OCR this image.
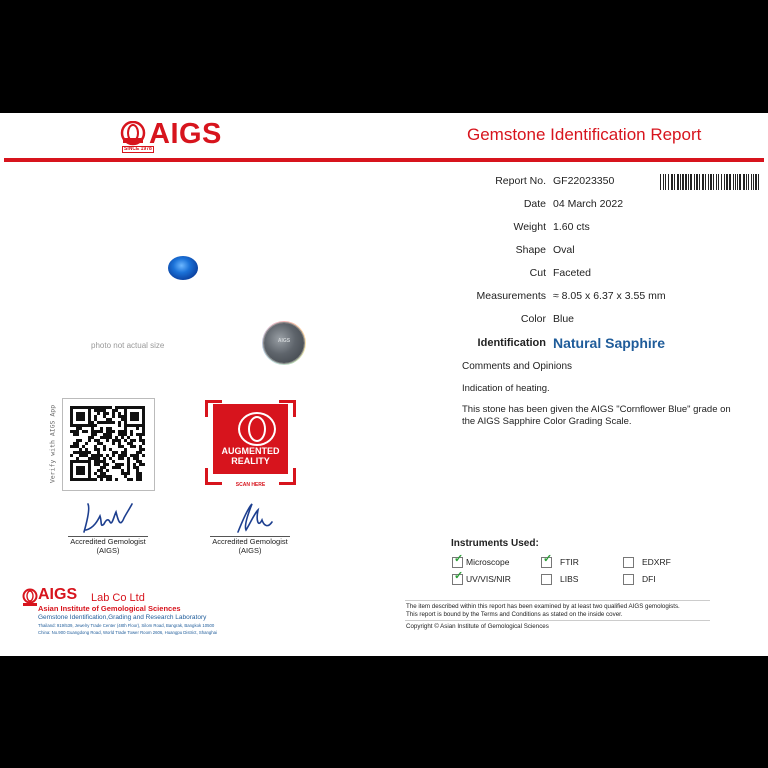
AIGS
SINCE 1978
Gemstone Identification Report
Report No. GF22023350
Date 04 March 2022
Weight 1.60 cts
Shape Oval
Cut Faceted
Measurements ≈ 8.05 x 6.37 x 3.55 mm
Color Blue
Identification Natural Sapphire
Comments and Opinions
Indication of heating.
This stone has been given the AIGS "Cornflower Blue" grade on
the AIGS Sapphire Color Grading Scale.
AIGS
photo not actual size
Verify with AIGS App	AUGMENTED
REALITY
SCAN HERE
Accredited Gemologist
(AIGS)
Accredited Gemologist
(AIGS)
Instruments Used:
✓ Microscope	✓ FTIR	EDXRF
✓ UV/VIS/NIR	LIBS	DFI
The item described within this report has been examined by at least two qualified AIGS gemologists.
This report is bound by the Terms and Conditions as stated on the inside cover.
Copyright © Asian Institute of Gemological Sciences
AIGS Lab Co Ltd
Asian Institute of Gemological Sciences
Gemstone Identification,Grading and Research Laboratory
Thailand: 919/539, Jewelry Trade Center (48th Floor), Silom Road, Bangrak, Bangkok 10500
China: No.900 Guangdong Road, World Trade Tower Room 2606, Huangpu District, Shanghai
